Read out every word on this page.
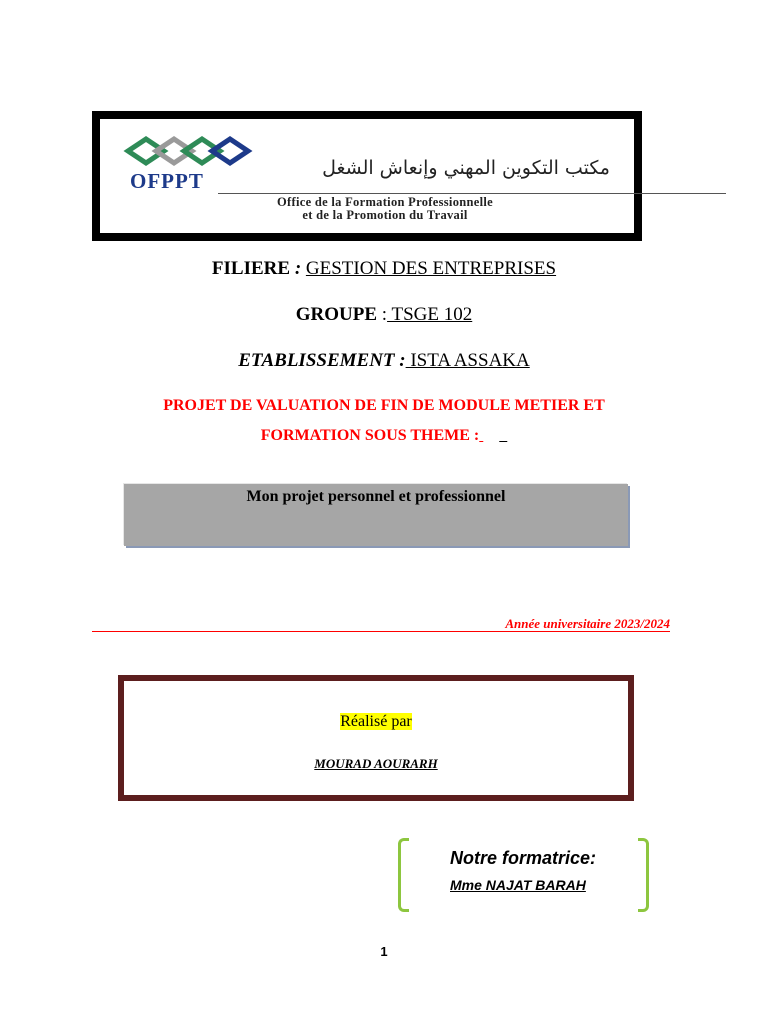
OFPPT
مكتب التكوين المهني وإنعاش الشغل
Office de la Formation Professionnelle
et de la Promotion du Travail
FILIERE : GESTION DES ENTREPRISES
GROUPE : TSGE 102
ETABLISSEMENT : ISTA ASSAKA
PROJET DE VALUATION DE FIN DE MODULE METIER ET
FORMATION SOUS THEME :
Mon projet personnel et professionnel
Année universitaire 2023/2024
Réalisé par
MOURAD AOURARH
Notre formatrice:
Mme NAJAT BARAH
1
